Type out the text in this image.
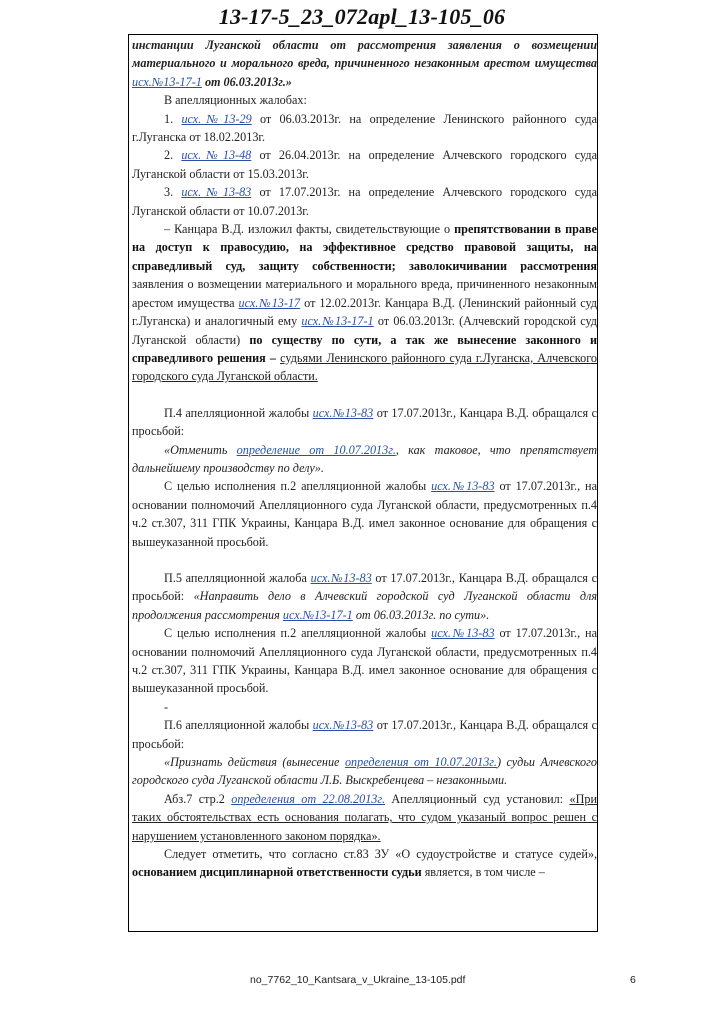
13-17-5_23_072apl_13-105_06

инстанции Луганской области от рассмотрения заявления о возмещении

материального и морального вреда, причиненного незаконным арестом имущества

исх.№13-17-1 от 06.03.2013г.»

В апелляционных жалобах:

1. исх.№13-29 от 06.03.2013г. на определение Ленинского районного суда г.Луганска от 18.02.2013г.

2. исх.№13-48 от 26.04.2013г. на определение Алчевского городского суда Луганской области от 15.03.2013г.

3. исх.№13-83 от 17.07.2013г. на определение Алчевского городского суда Луганской области от 10.07.2013г.

– Канцара В.Д. изложил факты, свидетельствующие о препятствовании в праве на доступ к правосудию, на эффективное средство правовой защиты, на справедливый суд, защиту собственности; заволокичивании рассмотрения заявления о возмещении материального и морального вреда, причиненного незаконным арестом имущества исх.№13-17 от 12.02.2013г. Канцара В.Д. (Ленинский районный суд г.Луганска) и аналогичный ему исх.№13-17-1 от 06.03.2013г. (Алчевский городской суд Луганской области) по существу по сути, а так же вынесение законного и справедливого решения – судьями Ленинского районного суда г.Луганска, Алчевского городского суда Луганской области.

П.4 апелляционной жалобы исх.№13-83 от 17.07.2013г., Канцара В.Д. обращался с просьбой:

«Отменить определение от 10.07.2013г., как таковое, что препятствует дальнейшему производству по делу».

С целью исполнения п.2 апелляционной жалобы исх.№13-83 от 17.07.2013г., на основании полномочий Апелляционного суда Луганской области, предусмотренных п.4 ч.2 ст.307, 311 ГПК Украины, Канцара В.Д. имел законное основание для обращения с вышеуказанной просьбой.

П.5 апелляционной жалоба исх.№13-83 от 17.07.2013г., Канцара В.Д. обращался с просьбой: «Направить дело в Алчевский городской суд Луганской области для продолжения рассмотрения исх.№13-17-1 от 06.03.2013г. по сути».

С целью исполнения п.2 апелляционной жалобы исх.№13-83 от 17.07.2013г., на основании полномочий Апелляционного суда Луганской области, предусмотренных п.4 ч.2 ст.307, 311 ГПК Украины, Канцара В.Д. имел законное основание для обращения с вышеуказанной просьбой.

-

П.6 апелляционной жалобы исх.№13-83 от 17.07.2013г., Канцара В.Д. обращался с просьбой:

«Признать действия (вынесение определения от 10.07.2013г.) судьи Алчевского городского суда Луганской области Л.Б. Выскребенцева – незаконными.

Абз.7 стр.2 определения от 22.08.2013г. Апелляционный суд установил: «При таких обстоятельствах есть основания полагать, что судом указаный вопрос решен с нарушением установленного законом порядка».

Следует отметить, что согласно ст.83 ЗУ «О судоустройстве и статусе судей», основанием дисциплинарной ответственности судьи является, в том числе –

no_7762_10_Kantsara_v_Ukraine_13-105.pdf	6
